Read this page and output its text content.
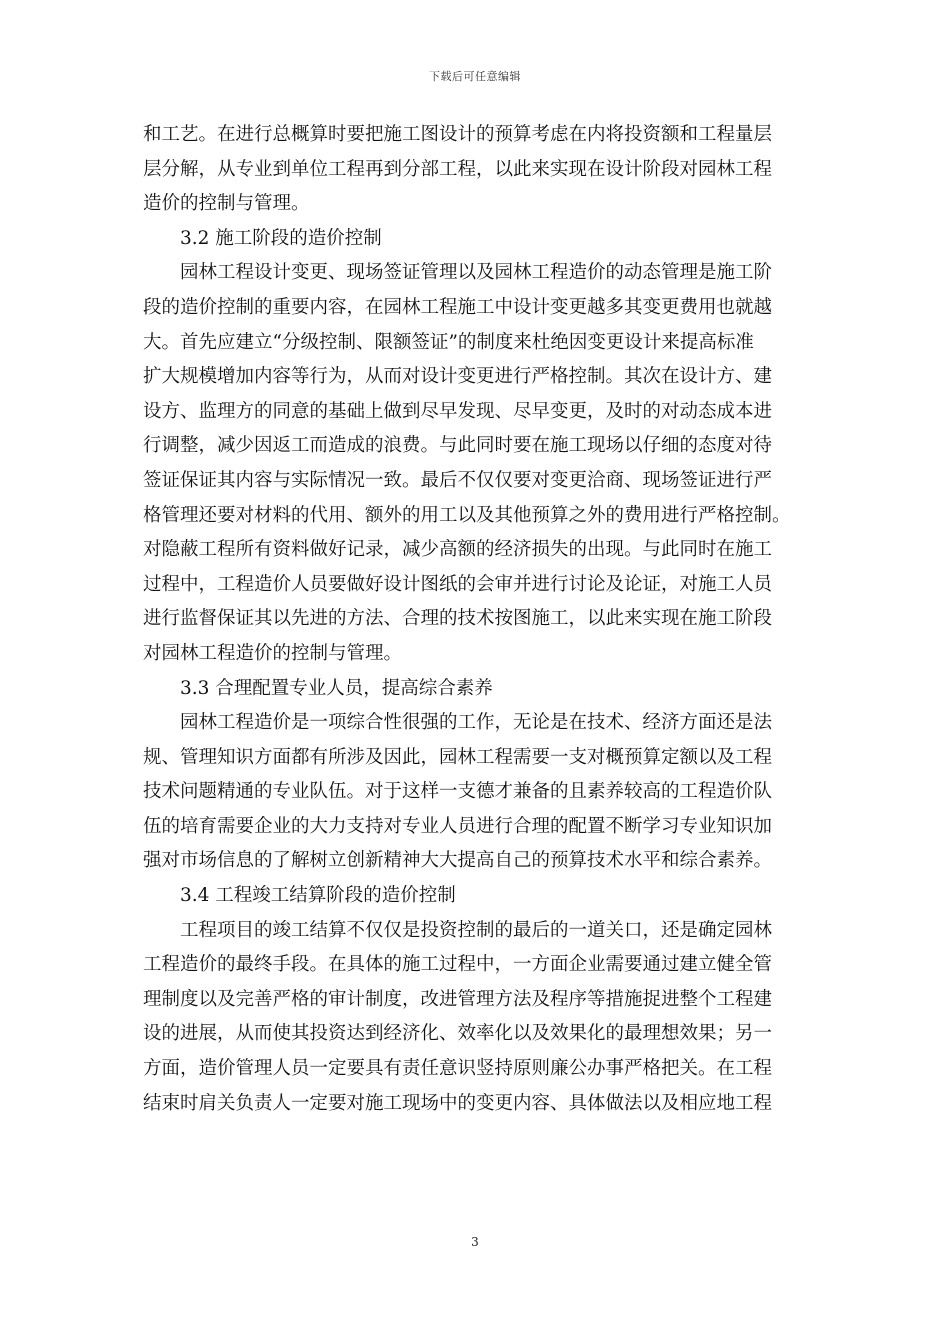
下载后可任意编辑
和工艺。在进行总概算时要把施工图设计的预算考虑在内将投资额和工程量层
层分解，从专业到单位工程再到分部工程，以此来实现在设计阶段对园林工程
造价的控制与管理。
3.2 施工阶段的造价控制
园林工程设计变更、现场签证管理以及园林工程造价的动态管理是施工阶
段的造价控制的重要内容，在园林工程施工中设计变更越多其变更费用也就越
大。首先应建立“分级控制、限额签证”的制度来杜绝因变更设计来提高标准
扩大规模增加内容等行为，从而对设计变更进行严格控制。其次在设计方、建
设方、监理方的同意的基础上做到尽早发现、尽早变更，及时的对动态成本进
行调整，减少因返工而造成的浪费。与此同时要在施工现场以仔细的态度对待
签证保证其内容与实际情况一致。最后不仅仅要对变更洽商、现场签证进行严
格管理还要对材料的代用、额外的用工以及其他预算之外的费用进行严格控制。
对隐蔽工程所有资料做好记录，减少高额的经济损失的出现。与此同时在施工
过程中，工程造价人员要做好设计图纸的会审并进行讨论及论证，对施工人员
进行监督保证其以先进的方法、合理的技术按图施工，以此来实现在施工阶段
对园林工程造价的控制与管理。
3.3 合理配置专业人员，提高综合素养
园林工程造价是一项综合性很强的工作，无论是在技术、经济方面还是法
规、管理知识方面都有所涉及因此，园林工程需要一支对概预算定额以及工程
技术问题精通的专业队伍。对于这样一支德才兼备的且素养较高的工程造价队
伍的培育需要企业的大力支持对专业人员进行合理的配置不断学习专业知识加
强对市场信息的了解树立创新精神大大提高自己的预算技术水平和综合素养。
3.4 工程竣工结算阶段的造价控制
工程项目的竣工结算不仅仅是投资控制的最后的一道关口，还是确定园林
工程造价的最终手段。在具体的施工过程中，一方面企业需要通过建立健全管
理制度以及完善严格的审计制度，改进管理方法及程序等措施捉进整个工程建
设的进展，从而使其投资达到经济化、效率化以及效果化的最理想效果；另一
方面，造价管理人员一定要具有责任意识竖持原则廉公办事严格把关。在工程
结束时肩关负责人一定要对施工现场中的变更内容、具体做法以及相应地工程
3
